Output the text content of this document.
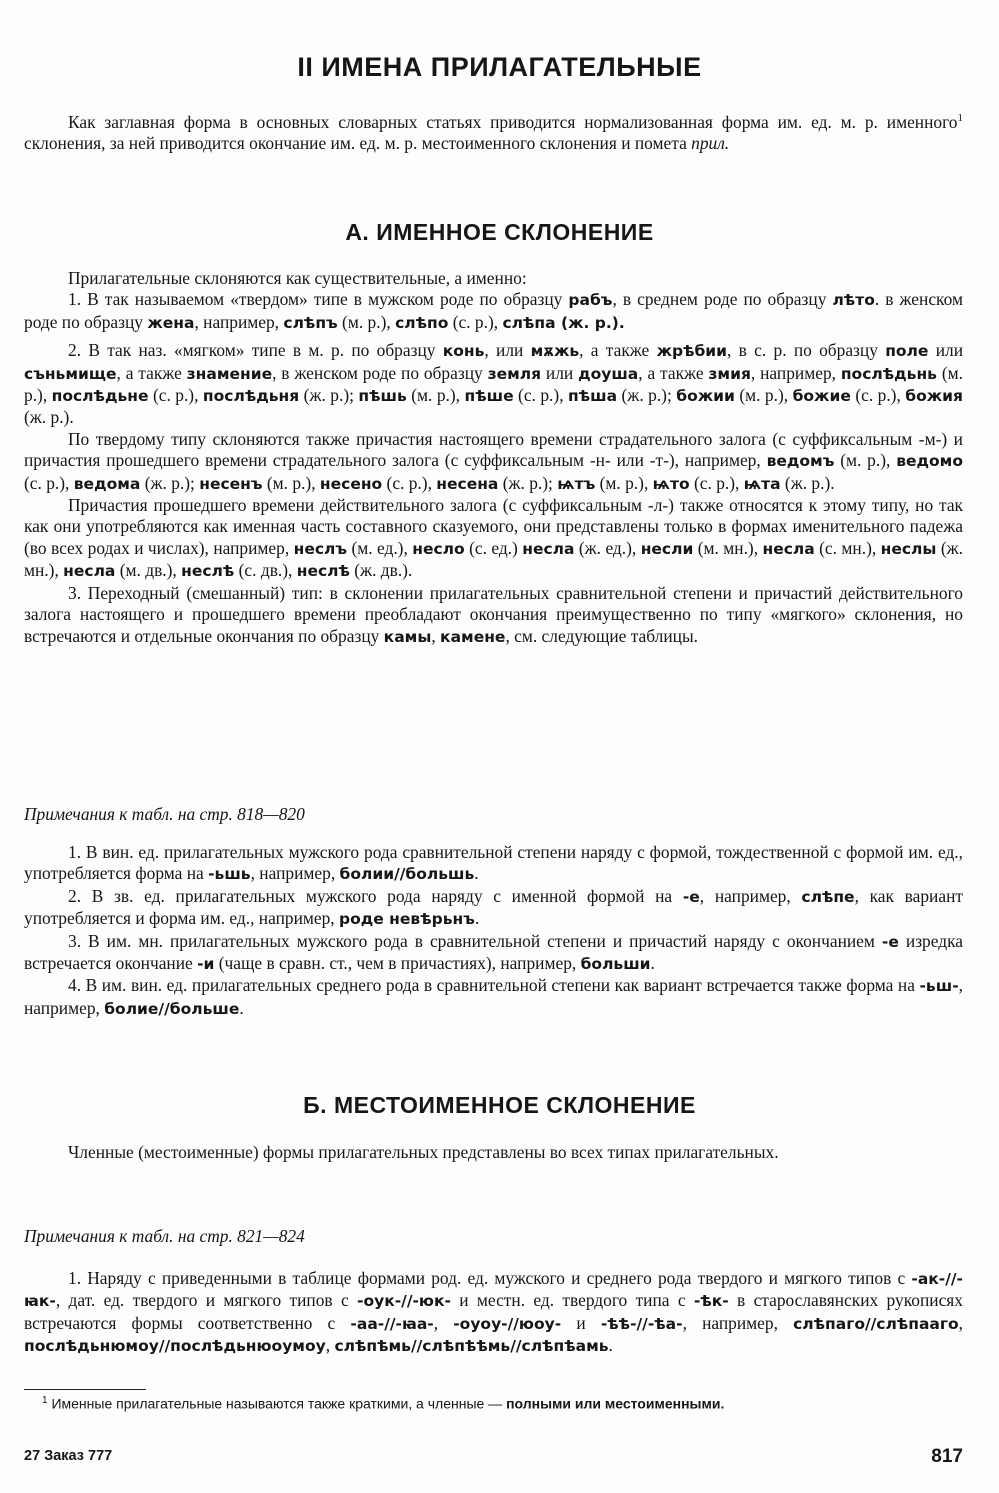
II ИМЕНА ПРИЛАГАТЕЛЬНЫЕ

Как заглавная форма в основных словарных статьях приводится нормализованная форма им. ед. м. р. именного$^1$ склонения, за ней приводится окончание им. ед. м. р. местоименного склонения и помета прил.

А. ИМЕННОЕ СКЛОНЕНИЕ

Прилагательные склоняются как существительные, а именно:

1. В так называемом «твердом» типе в мужском роде по образцу рабъ, в среднем роде по образцу лѣто. в женском роде по образцу жена, например, слѣпъ (м. р.), слѣпо (с. р.), слѣпа (ж. р.).

2. В так наз. «мягком» типе в м. р. по образцу конь, или мѫжь, а также жрѣбии, в с. р. по образцу поле или съньмище, а также знамение, в женском роде по образцу земля или доуша, а также змия, например, послѣдьнь (м. р.), послѣдьне (с. р.), послѣдьня (ж. р.); пѣшь (м. р.), пѣше (с. р.), пѣша (ж. р.); божии (м. р.), божие (с. р.), божия (ж. р.).

По твердому типу склоняются также причастия настоящего времени страдательного залога (с суффиксальным -м-) и причастия прошедшего времени страдательного залога (с суффиксальным -н- или -т-), например, ведомъ (м. р.), ведомо (с. р.), ведома (ж. р.); несенъ (м. р.), несено (с. р.), несена (ж. р.); ѩтъ (м. р.), ѩто (с. р.), ѩта (ж. р.).

Причастия прошедшего времени действительного залога (с суффиксальным -л-) также относятся к этому типу, но так как они употребляются как именная часть составного сказуемого, они представлены только в формах именительного падежа (во всех родах и числах), например, неслъ (м. ед.), несло (с. ед.) несла (ж. ед.), несли (м. мн.), несла (с. мн.), неслы (ж. мн.), несла (м. дв.), неслѣ (с. дв.), неслѣ (ж. дв.).

3. Переходный (смешанный) тип: в склонении прилагательных сравнительной степени и причастий действительного залога настоящего и прошедшего времени преобладают окончания преимущественно по типу «мягкого» склонения, но встречаются и отдельные окончания по образцу камы, камене, см. следующие таблицы.

Примечания к табл. на стр. 818—820

1. В вин. ед. прилагательных мужского рода сравнительной степени наряду с формой, тождественной с формой им. ед., употребляется форма на -ьшь, например, болии//большь.

2. В зв. ед. прилагательных мужского рода наряду с именной формой на -е, например, слѣпе, как вариант употребляется и форма им. ед., например, роде невѣрьнъ.

3. В им. мн. прилагательных мужского рода в сравнительной степени и причастий наряду с окончанием -е изредка встречается окончание -и (чаще в сравн. ст., чем в причастиях), например, больши.

4. В им. вин. ед. прилагательных среднего рода в сравнительной степени как вариант встречается также форма на -ьш-, например, болие//больше.

Б. МЕСТОИМЕННОЕ СКЛОНЕНИЕ

Членные (местоименные) формы прилагательных представлены во всех типах прилагательных.

Примечания к табл. на стр. 821—824

1. Наряду с приведенными в таблице формами род. ед. мужского и среднего рода твердого и мягкого типов с -ак-//-ꙗк-, дат. ед. твердого и мягкого типов с -оук-//-юк- и местн. ед. твердого типа с -ѣк- в старославянских рукописях встречаются формы соответственно с -аа-//-ꙗа-, -оуоу-//юоу- и -ѣѣ-//-ѣа-, например, слѣпаго//слѣпааго, послѣдьнюмоу//послѣдьнюоумоу, слѣпѣмь//слѣпѣѣмь//слѣпѣамь.

$^1$ Именные прилагательные называются также краткими, а членные — полными или местоименными.

27 Заказ 777	817
